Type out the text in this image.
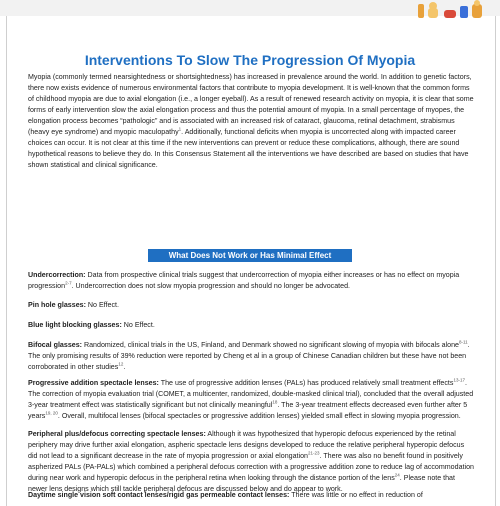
Interventions To Slow The Progression Of Myopia

Myopia (commonly termed nearsightedness or shortsightedness) has increased in prevalence around the world. In addition to genetic factors, there now exists evidence of numerous environmental factors that contribute to myopia development. It is well-known that the common forms of childhood myopia are due to axial elongation (i.e., a longer eyeball). As a result of renewed research activity on myopia, it is clear that some forms of early intervention slow the axial elongation process and thus the potential amount of myopia. In a small percentage of myopes, the elongation process becomes “pathologic” and is associated with an increased risk of cataract, glaucoma, retinal detachment, strabismus (heavy eye syndrome) and myopic maculopathy$^1$. Additionally, functional deficits when myopia is uncorrected along with impacted career choices can occur. It is not clear at this time if the new interventions can prevent or reduce these complications, although, there are sound hypothetical reasons to believe they do. In this Consensus Statement all the interventions we have described are based on studies that have shown statistical and clinical significance.

What Does Not Work or Has Minimal Effect

Undercorrection: Data from prospective clinical trials suggest that undercorrection of myopia either increases or has no effect on myopia progression$^{2-7}$. Undercorrection does not slow myopia progression and should no longer be advocated.

Pin hole glasses: No Effect.

Blue light blocking glasses: No Effect.

Bifocal glasses: Randomized, clinical trials in the US, Finland, and Denmark showed no significant slowing of myopia with bifocals alone$^{8-11}$. The only promising results of 39% reduction were reported by Cheng et al in a group of Chinese Canadian children but these have not been corroborated in other studies$^{12}$.

Progressive addition spectacle lenses: The use of progressive addition lenses (PALs) has produced relatively small treatment effects$^{13-17}$. The correction of myopia evaluation trial (COMET, a multicenter, randomized, double-masked clinical trial), concluded that the overall adjusted 3-year treatment effect was statistically significant but not clinically meaningful$^{18}$. The 3-year treatment effects decreased even further after 5 years$^{19, 20}$. Overall, multifocal lenses (bifocal spectacles or progressive addition lenses) yielded small effect in slowing myopia progression.

Peripheral plus/defocus correcting spectacle lenses: Although it was hypothesized that hyperopic defocus experienced by the retinal periphery may drive further axial elongation, aspheric spectacle lens designs developed to reduce the relative peripheral hyperopic defocus did not lead to a significant decrease in the rate of myopia progression or axial elongation$^{21-23}$. There was also no benefit found in positively aspherized PALs (PA-PALs) which combined a peripheral defocus correction with a progressive addition zone to reduce lag of accommodation during near work and hyperopic defocus in the peripheral retina when looking through the distance portion of the lens$^{24}$. Please note that newer lens designs which still tackle peripheral defocus are discussed below and do appear to work.

Daytime single vision soft contact lenses/rigid gas permeable contact lenses: There was little or no effect in reduction of
